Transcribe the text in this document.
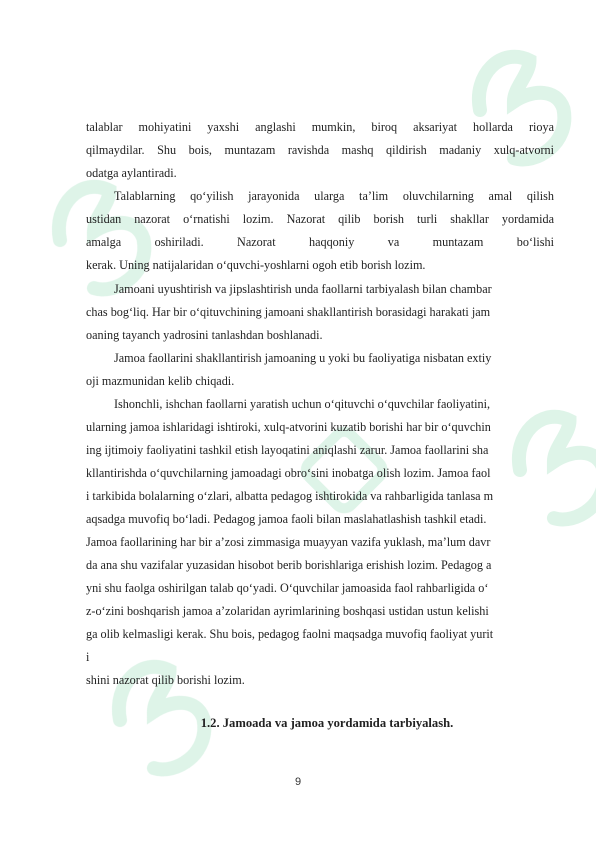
talablar mohiyatini yaxshi anglashi mumkin, biroq aksariyat hollarda rioya
qilmaydilar. Shu bois, muntazam ravishda mashq qildirish madaniy xulq-atvorni
odatga aylantiradi.
Talablarning qo‘yilish jarayonida ularga ta’lim oluvchilarning amal qilish
ustidan nazorat o‘rnatishi lozim. Nazorat qilib borish turli shakllar yordamida
amalga oshiriladi. Nazorat haqqoniy va muntazam bo‘lishi
kerak. Uning natijalaridan o‘quvchi-yoshlarni ogoh etib borish lozim.
Jamoani uyushtirish va jipslashtirish unda faollarni tarbiyalash bilan chambar
chas bog‘liq. Har bir o‘qituvchining jamoani shakllantirish borasidagi harakati jam
oaning tayanch yadrosini tanlashdan boshlanadi.
Jamoa faollarini shakllantirish jamoaning u yoki bu faoliyatiga nisbatan extiy
oji mazmunidan kelib chiqadi.
Ishonchli, ishchan faollarni yaratish uchun o‘qituvchi o‘quvchilar faoliyatini,
ularning jamoa ishlaridagi ishtiroki, xulq-atvorini kuzatib borishi har bir o‘quvchin
ing ijtimoiy faoliyatini tashkil etish layoqatini aniqlashi zarur. Jamoa faollarini sha
kllantirishda o‘quvchilarning jamoadagi obro‘sini inobatga olish lozim. Jamoa faol
i tarkibida bolalarning o‘zlari, albatta pedagog ishtirokida va rahbarligida tanlasa m
aqsadga muvofiq bo‘ladi. Pedagog jamoa faoli bilan maslahatlashish tashkil etadi.
Jamoa faollarining har bir a’zosi zimmasiga muayyan vazifa yuklash, ma’lum davr
da ana shu vazifalar yuzasidan hisobot berib borishlariga erishish lozim. Pedagog a
yni shu faolga oshirilgan talab qo‘yadi. O‘quvchilar jamoasida faol rahbarligida o‘
z-o‘zini boshqarish jamoa a’zolaridan ayrimlarining boshqasi ustidan ustun kelishi
ga olib kelmasligi kerak. Shu bois, pedagog faolni maqsadga muvofiq faoliyat yurit
i
shini nazorat qilib borishi lozim.
1.2. Jamoada va jamoa yordamida tarbiyalash.
9
